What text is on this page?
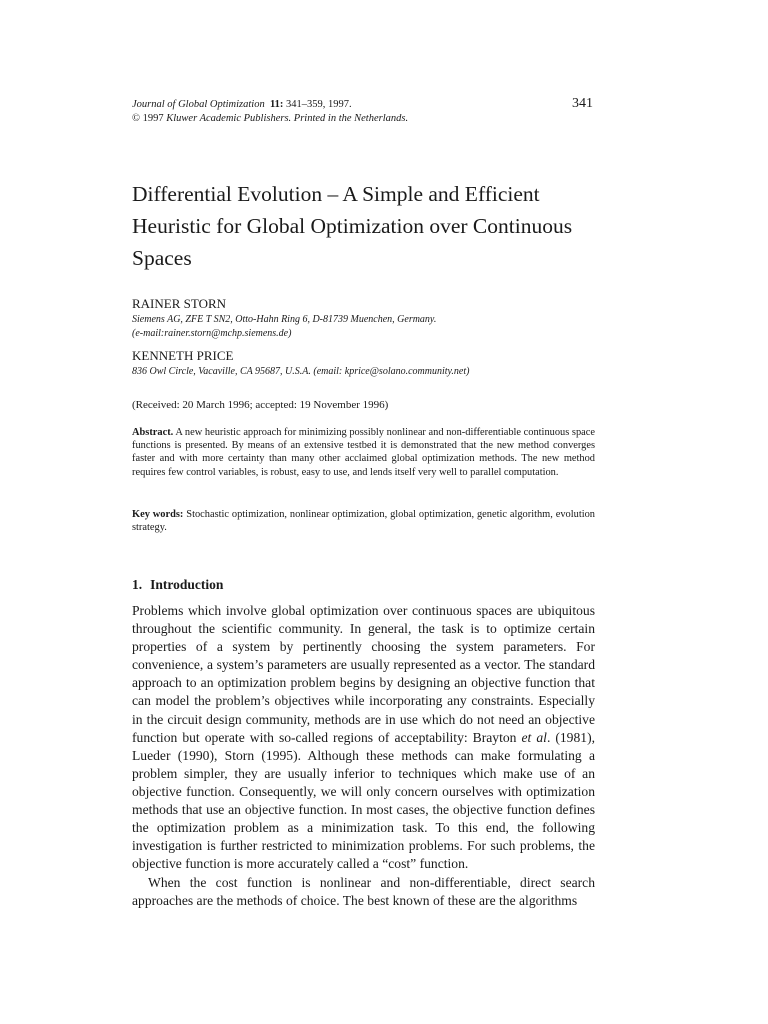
Journal of Global Optimization 11: 341–359, 1997.
© 1997 Kluwer Academic Publishers. Printed in the Netherlands.
341
Differential Evolution – A Simple and Efficient Heuristic for Global Optimization over Continuous Spaces
RAINER STORN
Siemens AG, ZFE T SN2, Otto-Hahn Ring 6, D-81739 Muenchen, Germany.
(e-mail:rainer.storn@mchp.siemens.de)
KENNETH PRICE
836 Owl Circle, Vacaville, CA 95687, U.S.A. (email: kprice@solano.community.net)
(Received: 20 March 1996; accepted: 19 November 1996)

Abstract. A new heuristic approach for minimizing possibly nonlinear and non-differentiable continuous space functions is presented. By means of an extensive testbed it is demonstrated that the new method converges faster and with more certainty than many other acclaimed global optimization methods. The new method requires few control variables, is robust, easy to use, and lends itself very well to parallel computation.

Key words: Stochastic optimization, nonlinear optimization, global optimization, genetic algorithm, evolution strategy.

1. Introduction

Problems which involve global optimization over continuous spaces are ubiquitous throughout the scientific community. In general, the task is to optimize certain properties of a system by pertinently choosing the system parameters. For convenience, a system’s parameters are usually represented as a vector. The standard approach to an optimization problem begins by designing an objective function that can model the problem’s objectives while incorporating any constraints. Especially in the circuit design community, methods are in use which do not need an objective function but operate with so-called regions of acceptability: Brayton et al. (1981), Lueder (1990), Storn (1995). Although these methods can make formulating a problem simpler, they are usually inferior to techniques which make use of an objective function. Consequently, we will only concern ourselves with optimization methods that use an objective function. In most cases, the objective function defines the optimization problem as a minimization task. To this end, the following investigation is further restricted to minimization problems. For such problems, the objective function is more accurately called a “cost” function.

When the cost function is nonlinear and non-differentiable, direct search approaches are the methods of choice. The best known of these are the algorithms
